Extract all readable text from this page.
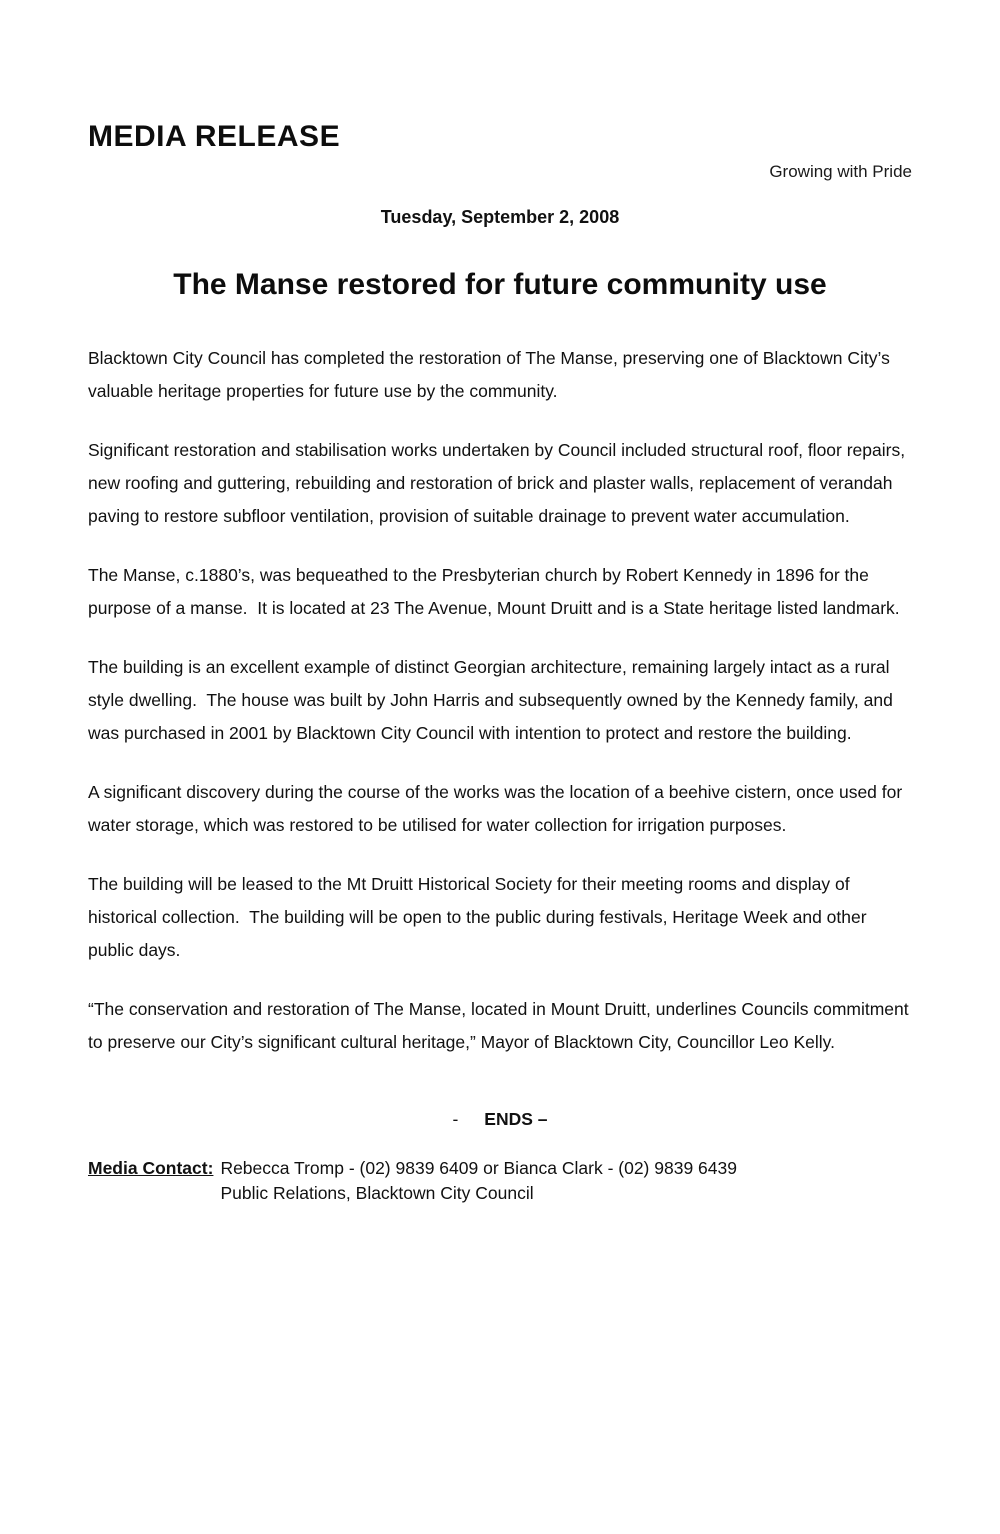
MEDIA RELEASE
Growing with Pride
Tuesday, September 2, 2008
The Manse restored for future community use

Blacktown City Council has completed the restoration of The Manse, preserving one of Blacktown City’s valuable heritage properties for future use by the community.

Significant restoration and stabilisation works undertaken by Council included structural roof, floor repairs, new roofing and guttering, rebuilding and restoration of brick and plaster walls, replacement of verandah paving to restore subfloor ventilation, provision of suitable drainage to prevent water accumulation.

The Manse, c.1880’s, was bequeathed to the Presbyterian church by Robert Kennedy in 1896 for the purpose of a manse.  It is located at 23 The Avenue, Mount Druitt and is a State heritage listed landmark.

The building is an excellent example of distinct Georgian architecture, remaining largely intact as a rural style dwelling.  The house was built by John Harris and subsequently owned by the Kennedy family, and was purchased in 2001 by Blacktown City Council with intention to protect and restore the building.

A significant discovery during the course of the works was the location of a beehive cistern, once used for water storage, which was restored to be utilised for water collection for irrigation purposes.

The building will be leased to the Mt Druitt Historical Society for their meeting rooms and display of historical collection.  The building will be open to the public during festivals, Heritage Week and other public days.

“The conservation and restoration of The Manse, located in Mount Druitt, underlines Councils commitment to preserve our City’s significant cultural heritage,” Mayor of Blacktown City, Councillor Leo Kelly.

- ENDS –
Media Contact: Rebecca Tromp - (02) 9839 6409 or Bianca Clark - (02) 9839 6439
Public Relations, Blacktown City Council
